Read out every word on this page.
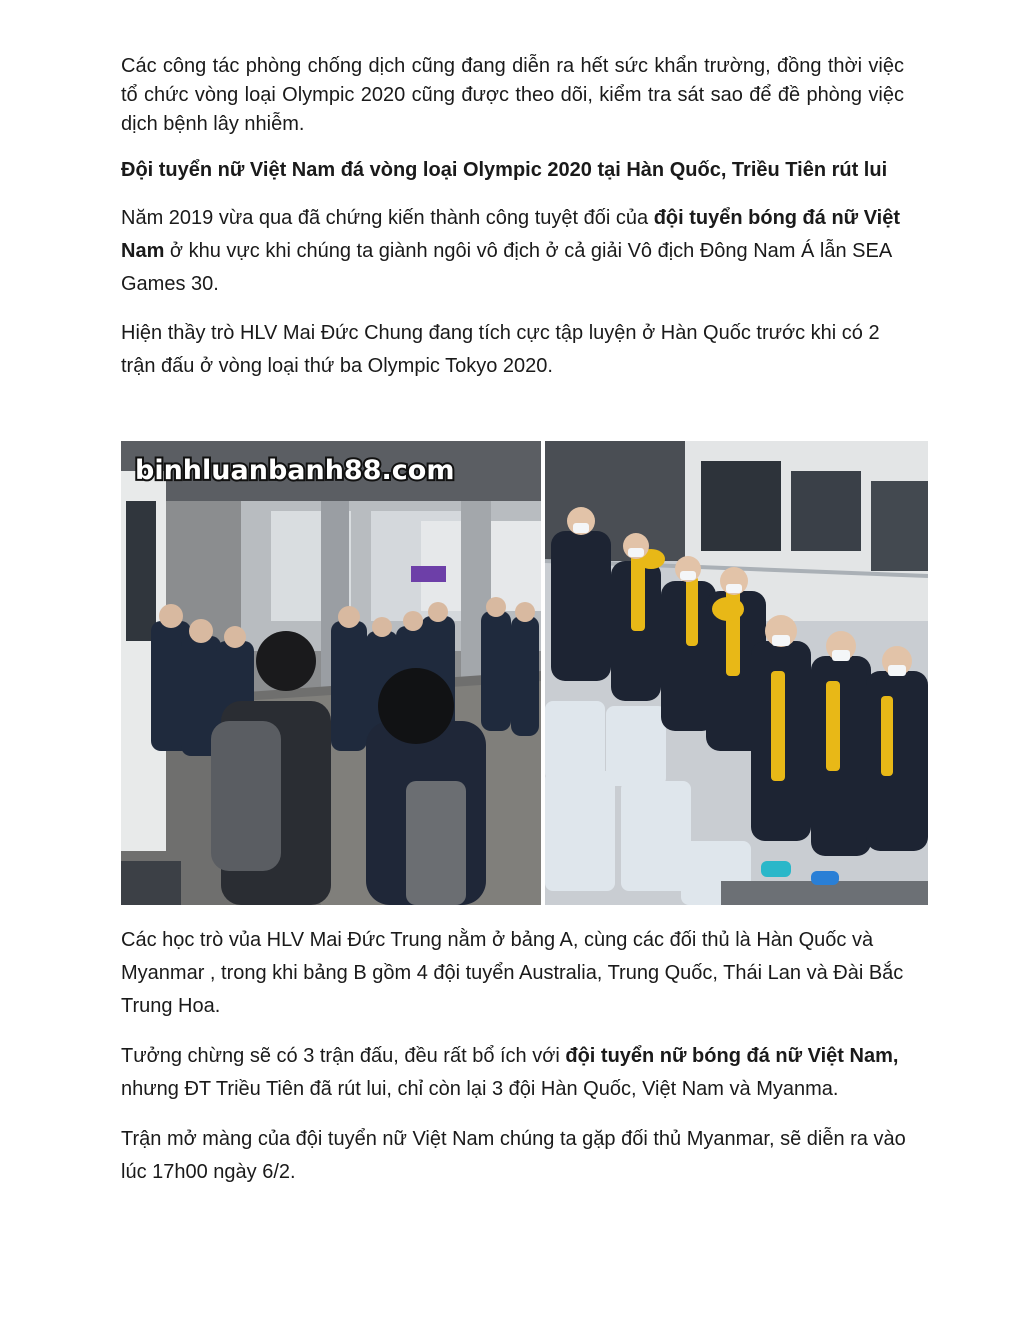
Các công tác phòng chống dịch cũng đang diễn ra hết sức khẩn trường, đồng thời việc tổ chức vòng loại Olympic 2020 cũng được theo dõi, kiểm tra sát sao để đề phòng việc dịch bệnh lây nhiễm.

Đội tuyển nữ Việt Nam đá vòng loại Olympic 2020 tại Hàn Quốc, Triều Tiên rút lui

Năm 2019 vừa qua đã chứng kiến thành công tuyệt đối của đội tuyển bóng đá nữ Việt Nam ở khu vực khi chúng ta giành ngôi vô địch ở cả giải Vô địch Đông Nam Á lẫn SEA Games 30.

Hiện thầy trò HLV Mai Đức Chung đang tích cực tập luyện ở Hàn Quốc trước khi có 2 trận đấu ở vòng loại thứ ba Olympic Tokyo 2020.

binhluanbanh88.com

Các học trò vủa HLV Mai Đức Trung nằm ở bảng A, cùng các đối thủ là Hàn Quốc và Myanmar , trong khi bảng B gồm 4 đội tuyển Australia, Trung Quốc, Thái Lan và Đài Bắc Trung Hoa.

Tưởng chừng sẽ có 3 trận đấu, đều rất bổ ích với đội tuyển nữ bóng đá nữ Việt Nam, nhưng ĐT Triều Tiên đã rút lui, chỉ còn lại 3 đội Hàn Quốc, Việt Nam và Myanma.

Trận mở màng của đội tuyển nữ Việt Nam chúng ta gặp đối thủ Myanmar, sẽ diễn ra vào lúc 17h00 ngày 6/2.
